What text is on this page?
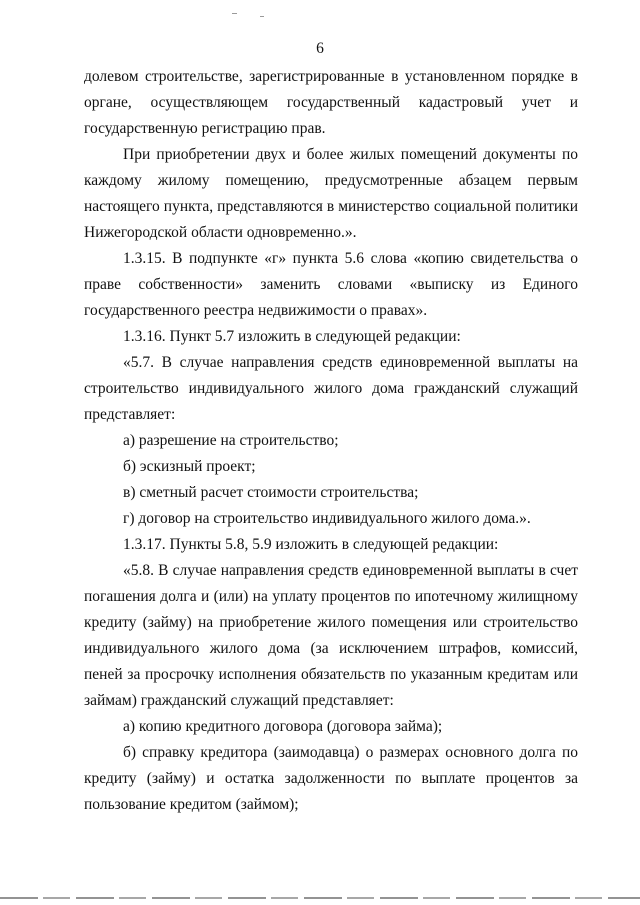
6

долевом строительстве, зарегистрированные в установленном порядке в органе, осуществляющем государственный кадастровый учет и государственную регистрацию прав.

При приобретении двух и более жилых помещений документы по каждому жилому помещению, предусмотренные абзацем первым настоящего пункта, представляются в министерство социальной политики Нижегородской области одновременно.».

1.3.15. В подпункте «г» пункта 5.6 слова «копию свидетельства о праве собственности» заменить словами «выписку из Единого государственного реестра недвижимости о правах».

1.3.16. Пункт 5.7 изложить в следующей редакции:

«5.7. В случае направления средств единовременной выплаты на строительство индивидуального жилого дома гражданский служащий представляет:

а) разрешение на строительство;

б) эскизный проект;

в) сметный расчет стоимости строительства;

г) договор на строительство индивидуального жилого дома.».

1.3.17. Пункты 5.8, 5.9 изложить в следующей редакции:

«5.8. В случае направления средств единовременной выплаты в счет погашения долга и (или) на уплату процентов по ипотечному жилищному кредиту (займу) на приобретение жилого помещения или строительство индивидуального жилого дома (за исключением штрафов, комиссий, пеней за просрочку исполнения обязательств по указанным кредитам или займам) гражданский служащий представляет:

а) копию кредитного договора (договора займа);

б) справку кредитора (заимодавца) о размерах основного долга по кредиту (займу) и остатка задолженности по выплате процентов за пользование кредитом (займом);
